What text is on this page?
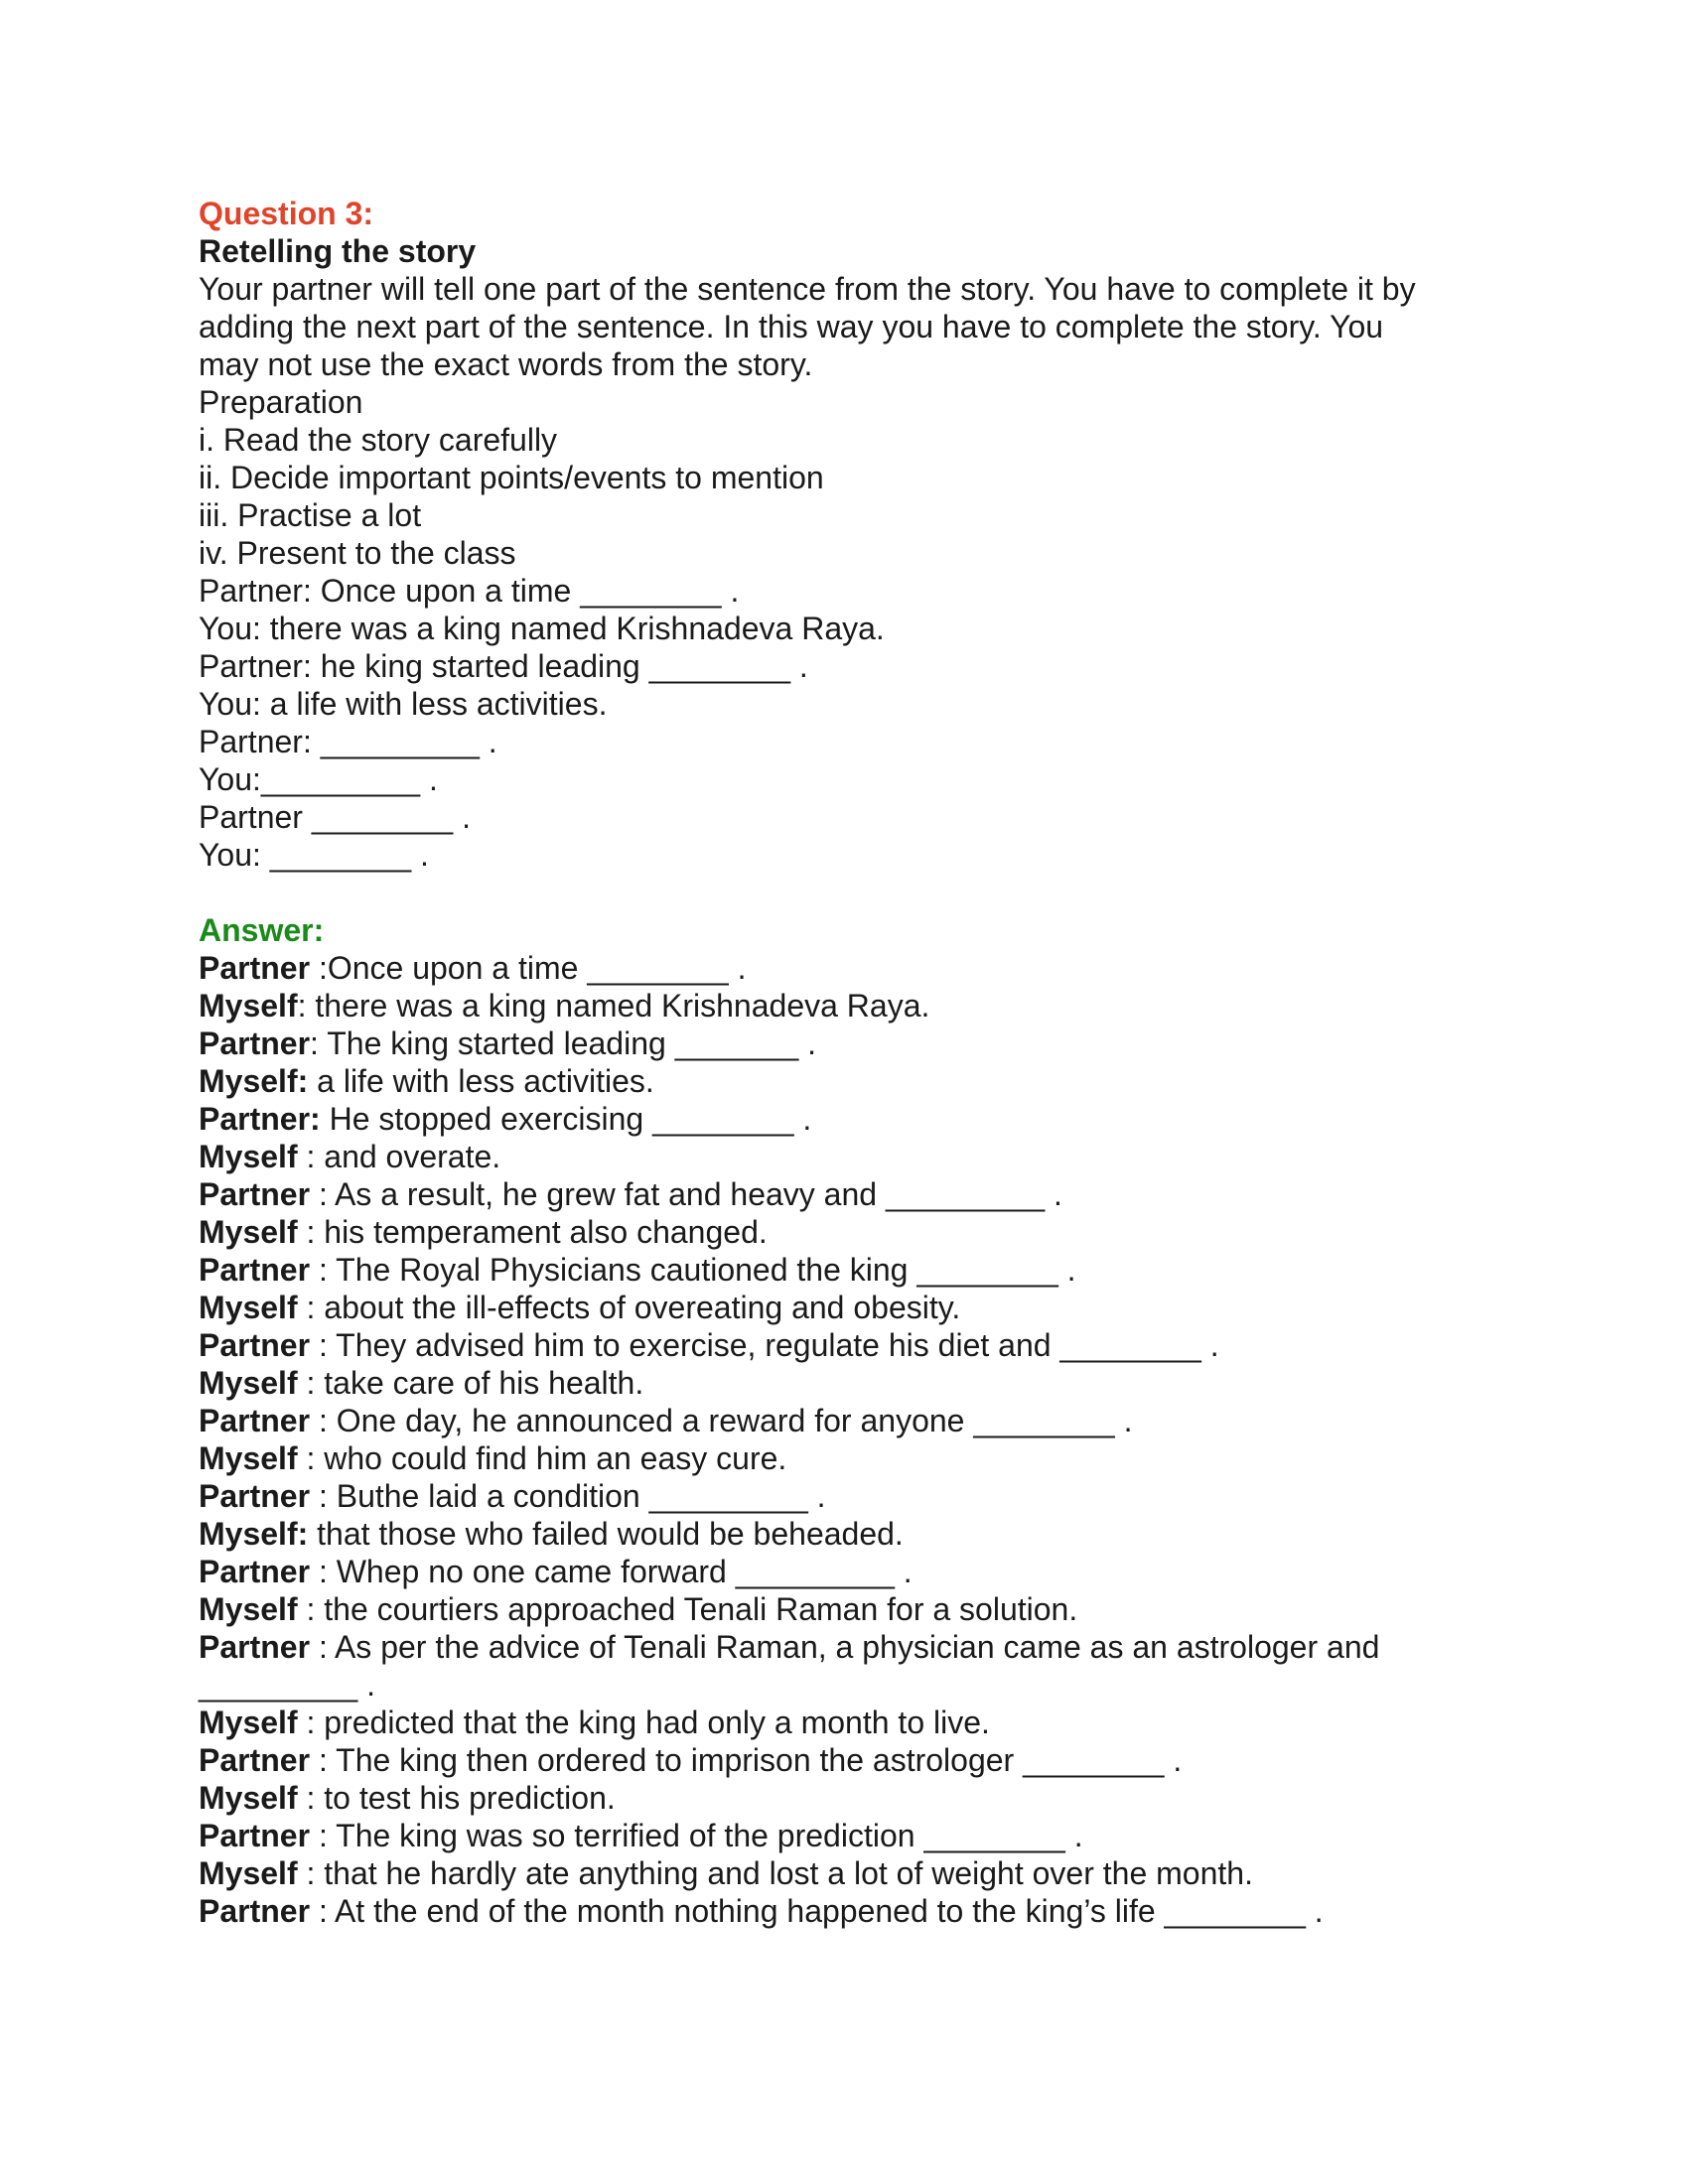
Question 3:
Retelling the story
Your partner will tell one part of the sentence from the story. You have to complete it by
adding the next part of the sentence. In this way you have to complete the story. You
may not use the exact words from the story.
Preparation
i. Read the story carefully
ii. Decide important points/events to mention
iii. Practise a lot
iv. Present to the class
Partner: Once upon a time ________ .
You: there was a king named Krishnadeva Raya.
Partner: he king started leading ________ .
You: a life with less activities.
Partner: _________ .
You:_________ .
Partner ________ .
You: ________ .
Answer:
Partner :Once upon a time ________ .
Myself: there was a king named Krishnadeva Raya.
Partner: The king started leading _______ .
Myself: a life with less activities.
Partner: He stopped exercising ________ .
Myself : and overate.
Partner : As a result, he grew fat and heavy and _________ .
Myself : his temperament also changed.
Partner : The Royal Physicians cautioned the king ________ .
Myself : about the ill-effects of overeating and obesity.
Partner : They advised him to exercise, regulate his diet and ________ .
Myself : take care of his health.
Partner : One day, he announced a reward for anyone ________ .
Myself : who could find him an easy cure.
Partner : Buthe laid a condition _________ .
Myself: that those who failed would be beheaded.
Partner : Whep no one came forward _________ .
Myself : the courtiers approached Tenali Raman for a solution.
Partner : As per the advice of Tenali Raman, a physician came as an astrologer and
_________ .
Myself : predicted that the king had only a month to live.
Partner : The king then ordered to imprison the astrologer ________ .
Myself : to test his prediction.
Partner : The king was so terrified of the prediction ________ .
Myself : that he hardly ate anything and lost a lot of weight over the month.
Partner : At the end of the month nothing happened to the king’s life ________ .
